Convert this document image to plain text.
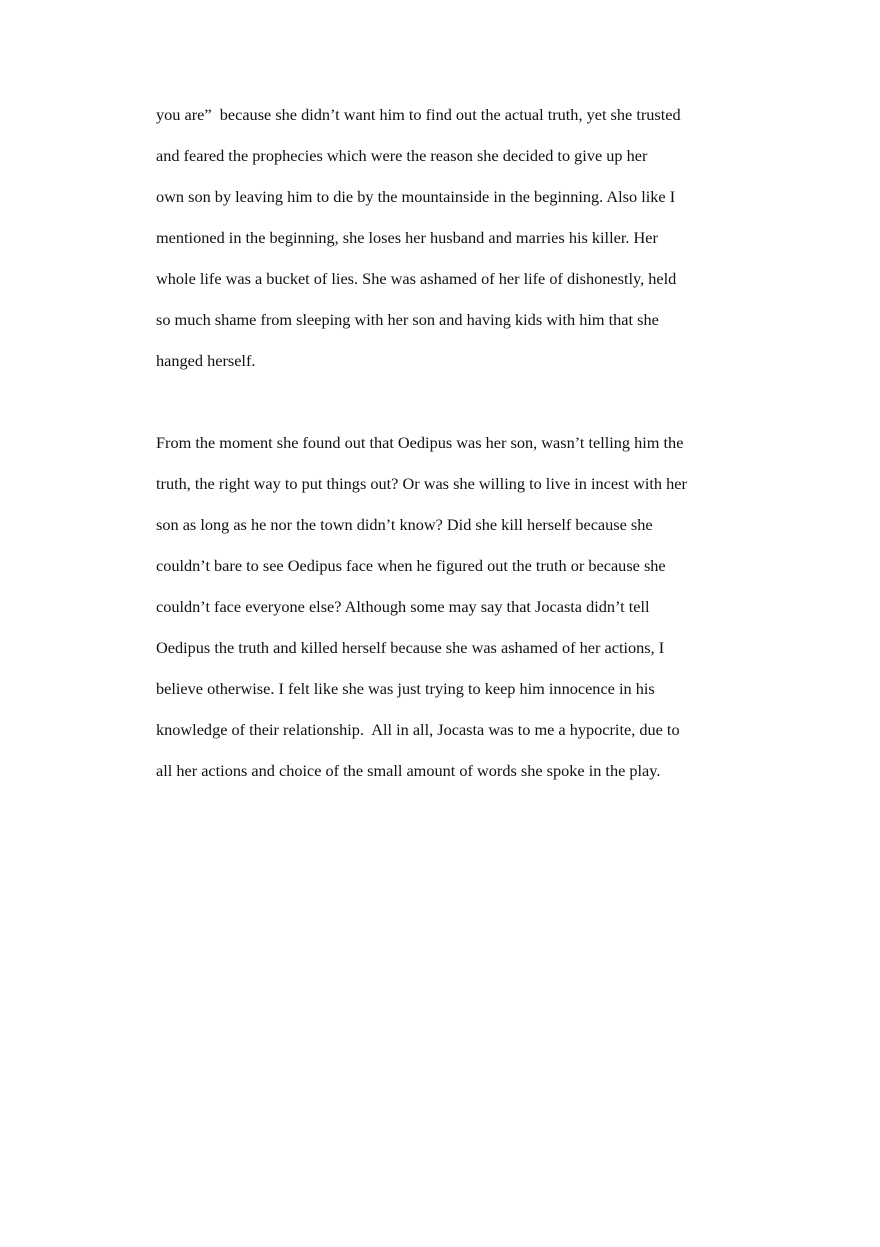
you are”  because she didn’t want him to find out the actual truth, yet she trusted
and feared the prophecies which were the reason she decided to give up her
own son by leaving him to die by the mountainside in the beginning. Also like I
mentioned in the beginning, she loses her husband and marries his killer. Her
whole life was a bucket of lies. She was ashamed of her life of dishonestly, held
so much shame from sleeping with her son and having kids with him that she
hanged herself.
From the moment she found out that Oedipus was her son, wasn’t telling him the
truth, the right way to put things out? Or was she willing to live in incest with her
son as long as he nor the town didn’t know? Did she kill herself because she
couldn’t bare to see Oedipus face when he figured out the truth or because she
couldn’t face everyone else? Although some may say that Jocasta didn’t tell
Oedipus the truth and killed herself because she was ashamed of her actions, I
believe otherwise. I felt like she was just trying to keep him innocence in his
knowledge of their relationship.  All in all, Jocasta was to me a hypocrite, due to
all her actions and choice of the small amount of words she spoke in the play.
